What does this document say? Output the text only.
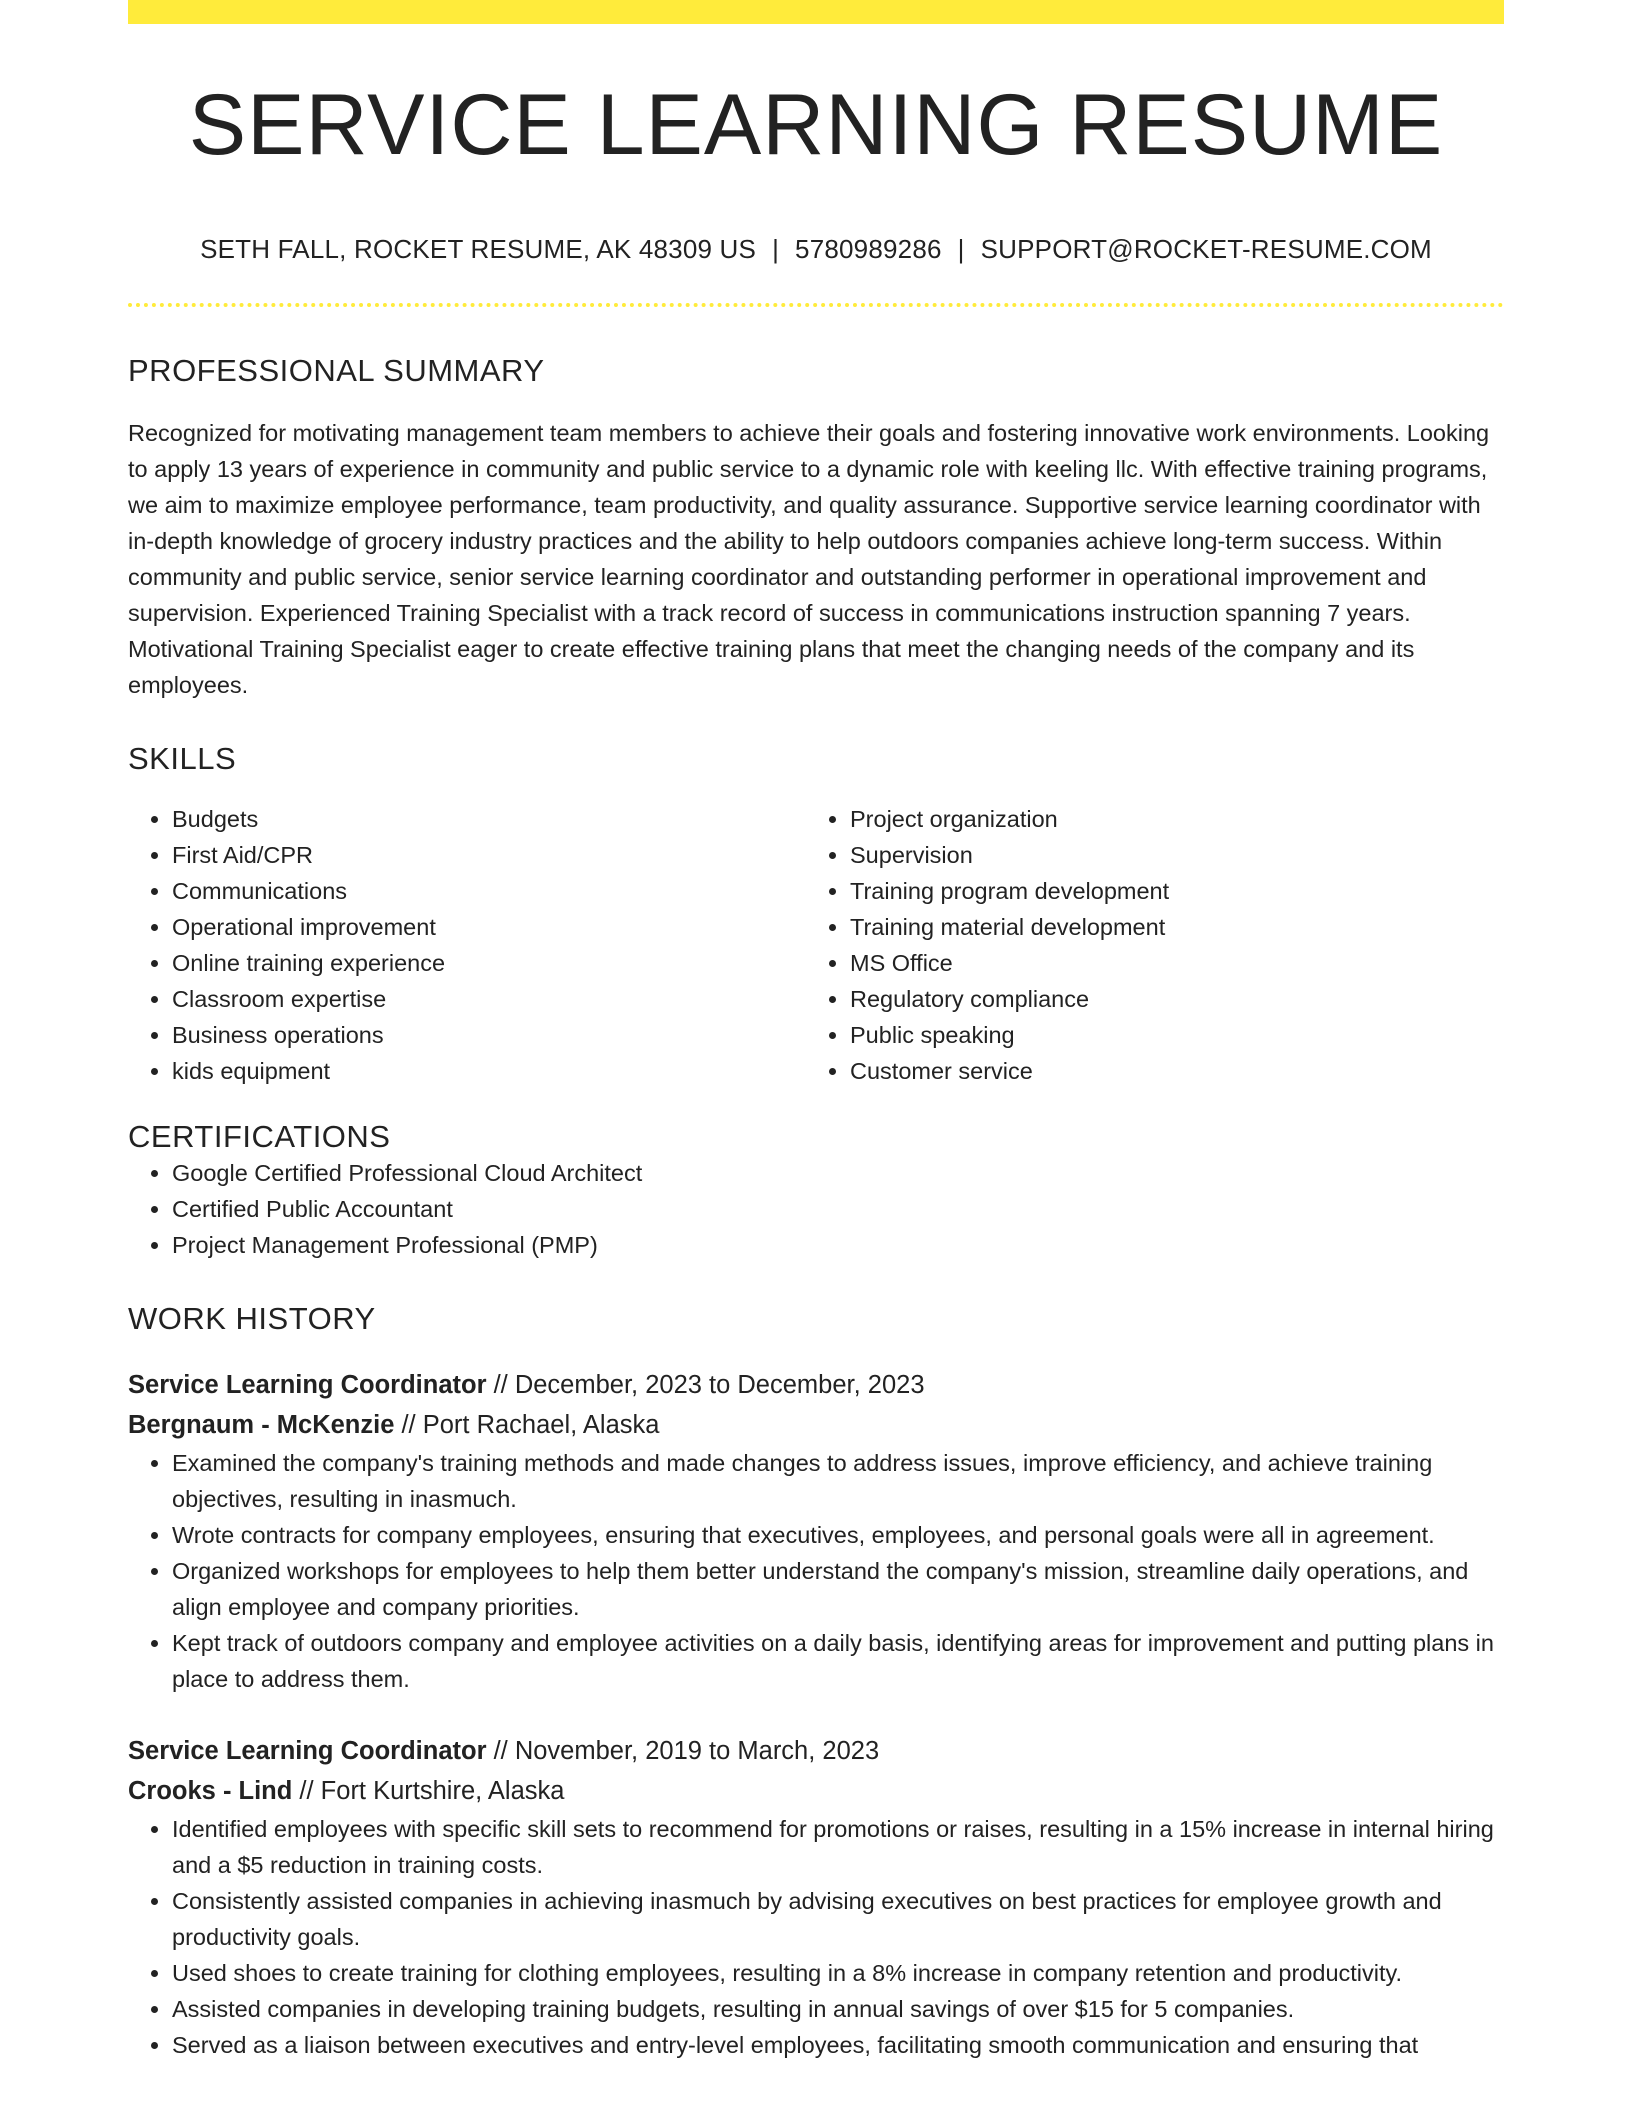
SERVICE LEARNING RESUME
SETH FALL, ROCKET RESUME, AK 48309 US | 5780989286 | SUPPORT@ROCKET-RESUME.COM
PROFESSIONAL SUMMARY
Recognized for motivating management team members to achieve their goals and fostering innovative work environments. Looking to apply 13 years of experience in community and public service to a dynamic role with keeling llc. With effective training programs, we aim to maximize employee performance, team productivity, and quality assurance. Supportive service learning coordinator with in-depth knowledge of grocery industry practices and the ability to help outdoors companies achieve long-term success. Within community and public service, senior service learning coordinator and outstanding performer in operational improvement and supervision. Experienced Training Specialist with a track record of success in communications instruction spanning 7 years. Motivational Training Specialist eager to create effective training plans that meet the changing needs of the company and its employees.
SKILLS
• Budgets
• First Aid/CPR
• Communications
• Operational improvement
• Online training experience
• Classroom expertise
• Business operations
• kids equipment
• Project organization
• Supervision
• Training program development
• Training material development
• MS Office
• Regulatory compliance
• Public speaking
• Customer service
CERTIFICATIONS
• Google Certified Professional Cloud Architect
• Certified Public Accountant
• Project Management Professional (PMP)
WORK HISTORY
Service Learning Coordinator // December, 2023 to December, 2023
Bergnaum - McKenzie // Port Rachael, Alaska
• Examined the company's training methods and made changes to address issues, improve efficiency, and achieve training objectives, resulting in inasmuch.
• Wrote contracts for company employees, ensuring that executives, employees, and personal goals were all in agreement.
• Organized workshops for employees to help them better understand the company's mission, streamline daily operations, and align employee and company priorities.
• Kept track of outdoors company and employee activities on a daily basis, identifying areas for improvement and putting plans in place to address them.
Service Learning Coordinator // November, 2019 to March, 2023
Crooks - Lind // Fort Kurtshire, Alaska
• Identified employees with specific skill sets to recommend for promotions or raises, resulting in a 15% increase in internal hiring and a $5 reduction in training costs.
• Consistently assisted companies in achieving inasmuch by advising executives on best practices for employee growth and productivity goals.
• Used shoes to create training for clothing employees, resulting in a 8% increase in company retention and productivity.
• Assisted companies in developing training budgets, resulting in annual savings of over $15 for 5 companies.
• Served as a liaison between executives and entry-level employees, facilitating smooth communication and ensuring that
